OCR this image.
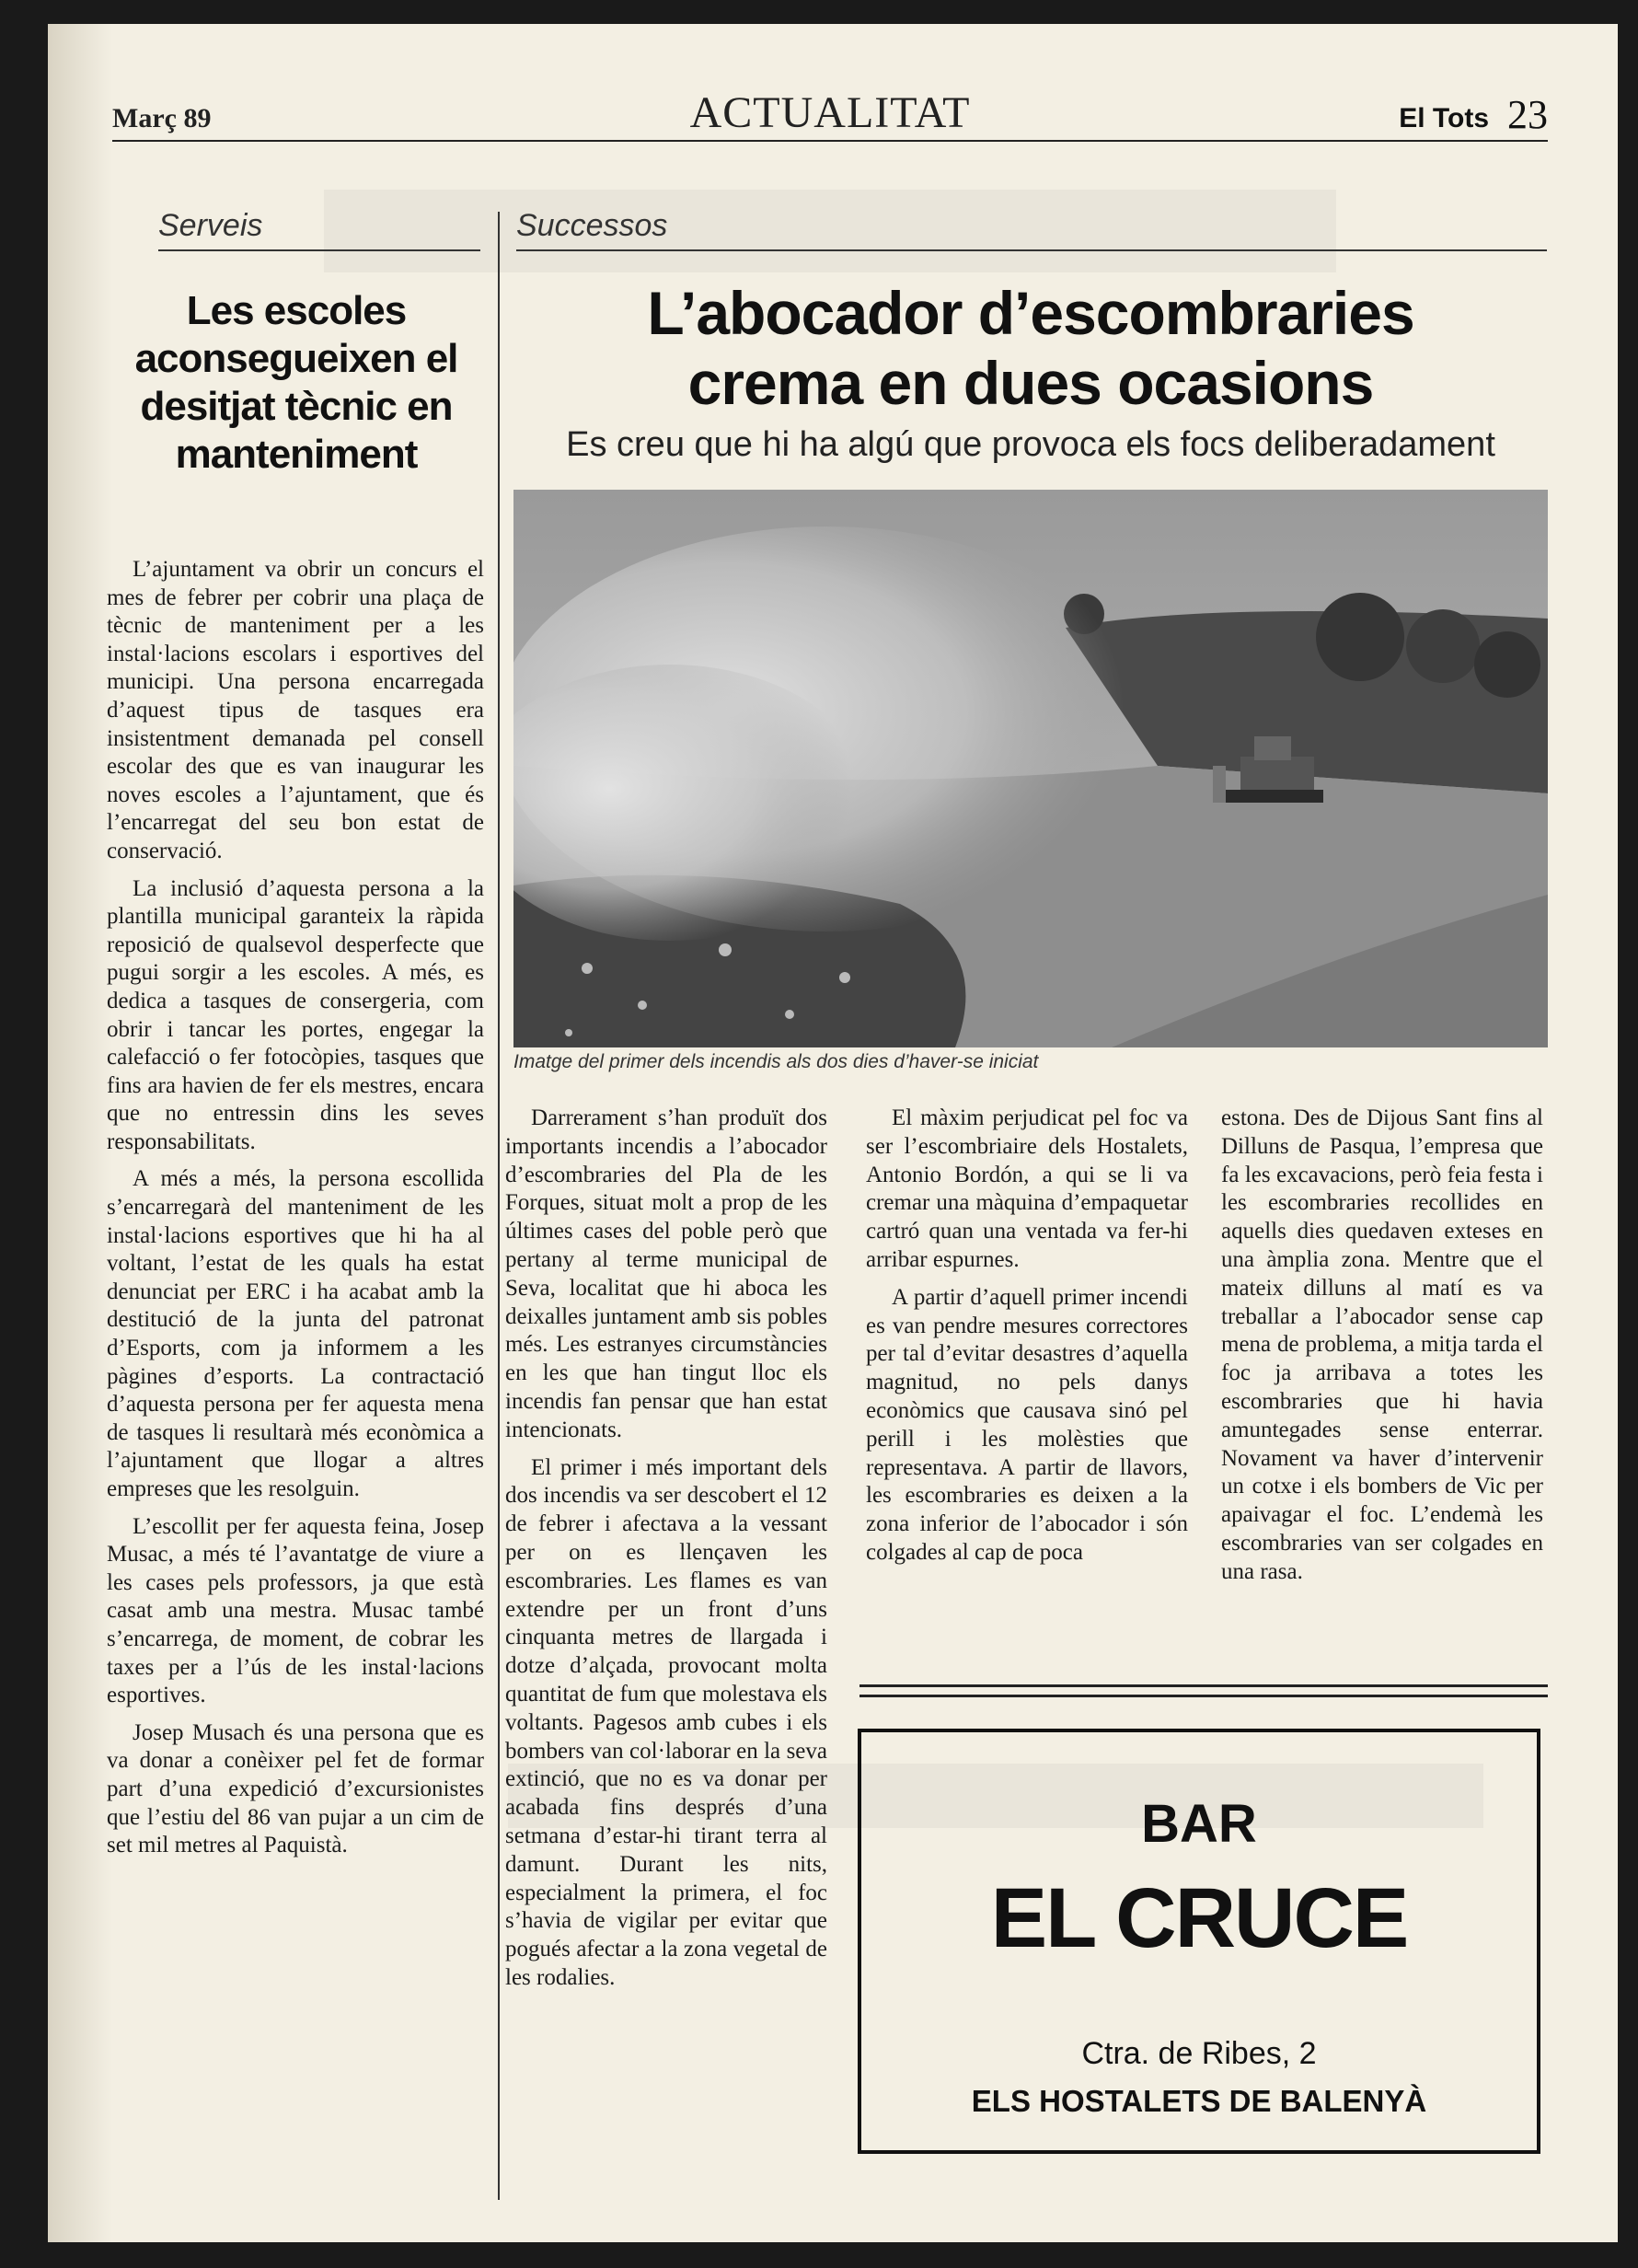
Març 89	ACTUALITAT	El Tots 23
Serveis	Successos
Les escoles aconsegueixen el desitjat tècnic en manteniment

L’ajuntament va obrir un concurs el mes de febrer per cobrir una plaça de tècnic de manteniment per a les instal·lacions escolars i esportives del municipi. Una persona encarregada d’aquest tipus de tasques era insistentment demanada pel consell escolar des que es van inaugurar les noves escoles a l’ajuntament, que és l’encarregat del seu bon estat de conservació.

La inclusió d’aquesta persona a la plantilla municipal garanteix la ràpida reposició de qualsevol desperfecte que pugui sorgir a les escoles. A més, es dedica a tasques de consergeria, com obrir i tancar les portes, engegar la calefacció o fer fotocòpies, tasques que fins ara havien de fer els mestres, encara que no entressin dins les seves responsabilitats.

A més a més, la persona escollida s’encarregarà del manteniment de les instal·lacions esportives que hi ha al voltant, l’estat de les quals ha estat denunciat per ERC i ha acabat amb la destitució de la junta del patronat d’Esports, com ja informem a les pàgines d’esports. La contractació d’aquesta persona per fer aquesta mena de tasques li resultarà més econòmica a l’ajuntament que llogar a altres empreses que les resolguin.

L’escollit per fer aquesta feina, Josep Musac, a més té l’avantatge de viure a les cases pels professors, ja que està casat amb una mestra. Musac també s’encarrega, de moment, de cobrar les taxes per a l’ús de les instal·lacions esportives.

Josep Musach és una persona que es va donar a conèixer pel fet de formar part d’una expedició d’excursionistes que l’estiu del 86 van pujar a un cim de set mil metres al Paquistà.

L’abocador d’escombraries
crema en dues ocasions
Es creu que hi ha algú que provoca els focs deliberadament
Imatge del primer dels incendis als dos dies d’haver-se iniciat

Darrerament s’han produït dos importants incendis a l’abocador d’escombraries del Pla de les Forques, situat molt a prop de les últimes cases del poble però que pertany al terme municipal de Seva, localitat que hi aboca les deixalles juntament amb sis pobles més. Les estranyes circumstàncies en les que han tingut lloc els incendis fan pensar que han estat intencionats.

El primer i més important dels dos incendis va ser descobert el 12 de febrer i afectava a la vessant per on es llençaven les escombraries. Les flames es van extendre per un front d’uns cinquanta metres de llargada i dotze d’alçada, provocant molta quantitat de fum que molestava els voltants. Pagesos amb cubes i els bombers van col·laborar en la seva extinció, que no es va donar per acabada fins després d’una setmana d’estar-hi tirant terra al damunt. Durant les nits, especialment la primera, el foc s’havia de vigilar per evitar que pogués afectar a la zona vegetal de les rodalies.

El màxim perjudicat pel foc va ser l’escombriaire dels Hostalets, Antonio Bordón, a qui se li va cremar una màquina d’empaquetar cartró quan una ventada va fer-hi arribar espurnes.

A partir d’aquell primer incendi es van pendre mesures correctores per tal d’evitar desastres d’aquella magnitud, no pels danys econòmics que causava sinó pel perill i les molèsties que representava. A partir de llavors, les escombraries es deixen a la zona inferior de l’abocador i són colgades al cap de poca

estona. Des de Dijous Sant fins al Dilluns de Pasqua, l’empresa que fa les excavacions, però feia festa i les escombraries recollides en aquells dies quedaven exteses en una àmplia zona. Mentre que el mateix dilluns al matí es va treballar a l’abocador sense cap mena de problema, a mitja tarda el foc ja arribava a totes les escombraries que hi havia amuntegades sense enterrar. Novament va haver d’intervenir un cotxe i els bombers de Vic per apaivagar el foc. L’endemà les escombraries van ser colgades en una rasa.

BAR
EL CRUCE
Ctra. de Ribes, 2
ELS HOSTALETS DE BALENYÀ
